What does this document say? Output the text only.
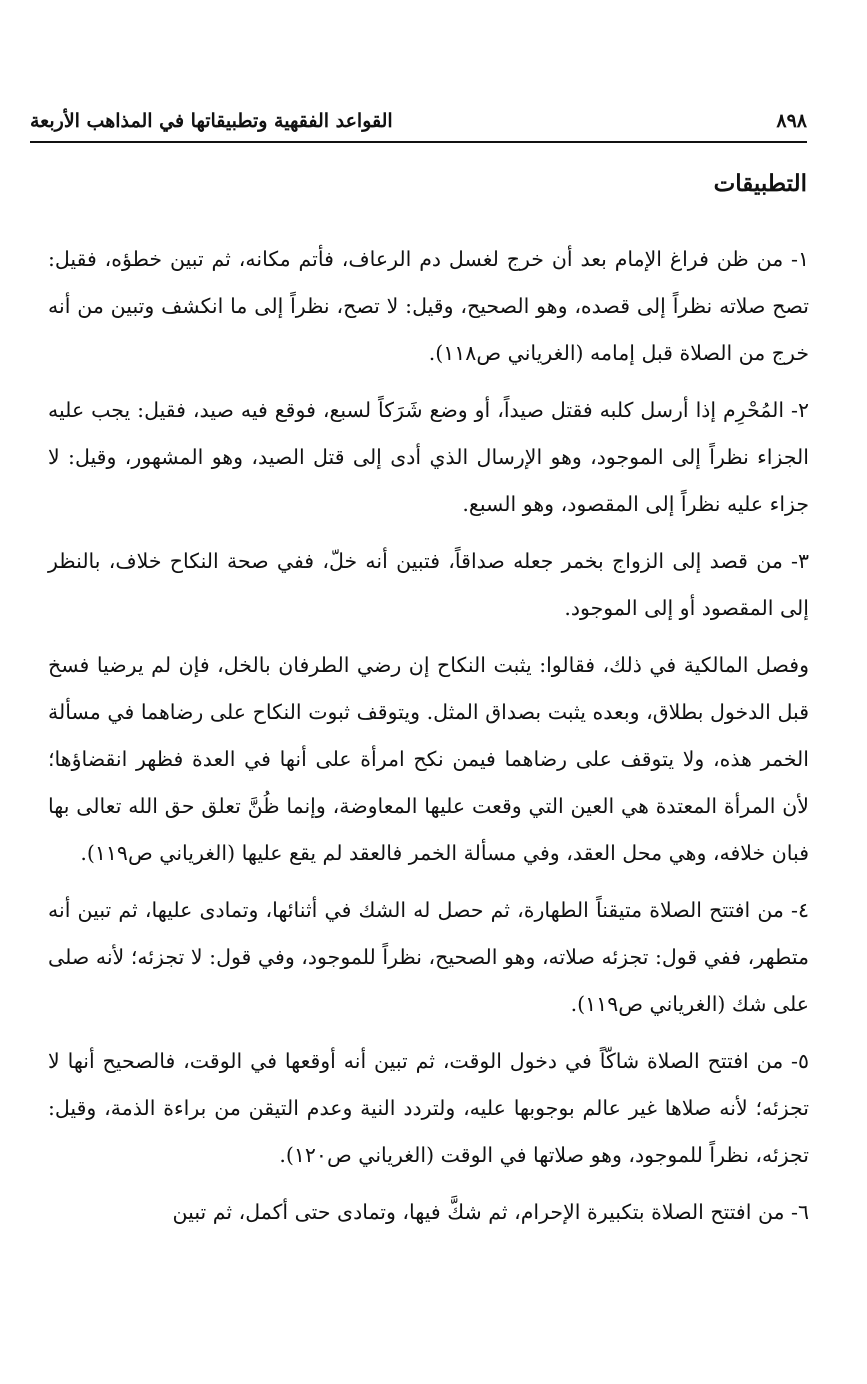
٨٩٨
القواعد الفقهية وتطبيقاتها في المذاهب الأربعة
التطبيقات

١- من ظن فراغ الإمام بعد أن خرج لغسل دم الرعاف، فأتم مكانه، ثم تبين خطؤه، فقيل: تصح صلاته نظراً إلى قصده، وهو الصحيح، وقيل: لا تصح، نظراً إلى ما انكشف وتبين من أنه خرج من الصلاة قبل إمامه (الغرياني ص١١٨).

٢- المُحْرِم إذا أرسل كلبه فقتل صيداً، أو وضع شَرَكاً لسبع، فوقع فيه صيد، فقيل: يجب عليه الجزاء نظراً إلى الموجود، وهو الإرسال الذي أدى إلى قتل الصيد، وهو المشهور، وقيل: لا جزاء عليه نظراً إلى المقصود، وهو السبع.

٣- من قصد إلى الزواج بخمر جعله صداقاً، فتبين أنه خلّ، ففي صحة النكاح خلاف، بالنظر إلى المقصود أو إلى الموجود.

وفصل المالكية في ذلك، فقالوا: يثبت النكاح إن رضي الطرفان بالخل، فإن لم يرضيا فسخ قبل الدخول بطلاق، وبعده يثبت بصداق المثل. ويتوقف ثبوت النكاح على رضاهما في مسألة الخمر هذه، ولا يتوقف على رضاهما فيمن نكح امرأة على أنها في العدة فظهر انقضاؤها؛ لأن المرأة المعتدة هي العين التي وقعت عليها المعاوضة، وإنما ظُنَّ تعلق حق الله تعالى بها فبان خلافه، وهي محل العقد، وفي مسألة الخمر فالعقد لم يقع عليها (الغرياني ص١١٩).

٤- من افتتح الصلاة متيقناً الطهارة، ثم حصل له الشك في أثنائها، وتمادى عليها، ثم تبين أنه متطهر، ففي قول: تجزئه صلاته، وهو الصحيح، نظراً للموجود، وفي قول: لا تجزئه؛ لأنه صلى على شك (الغرياني ص١١٩).

٥- من افتتح الصلاة شاكّاً في دخول الوقت، ثم تبين أنه أوقعها في الوقت، فالصحيح أنها لا تجزئه؛ لأنه صلاها غير عالم بوجوبها عليه، ولتردد النية وعدم التيقن من براءة الذمة، وقيل: تجزئه، نظراً للموجود، وهو صلاتها في الوقت (الغرياني ص١٢٠).

٦- من افتتح الصلاة بتكبيرة الإحرام، ثم شكَّ فيها، وتمادى حتى أكمل، ثم تبين
